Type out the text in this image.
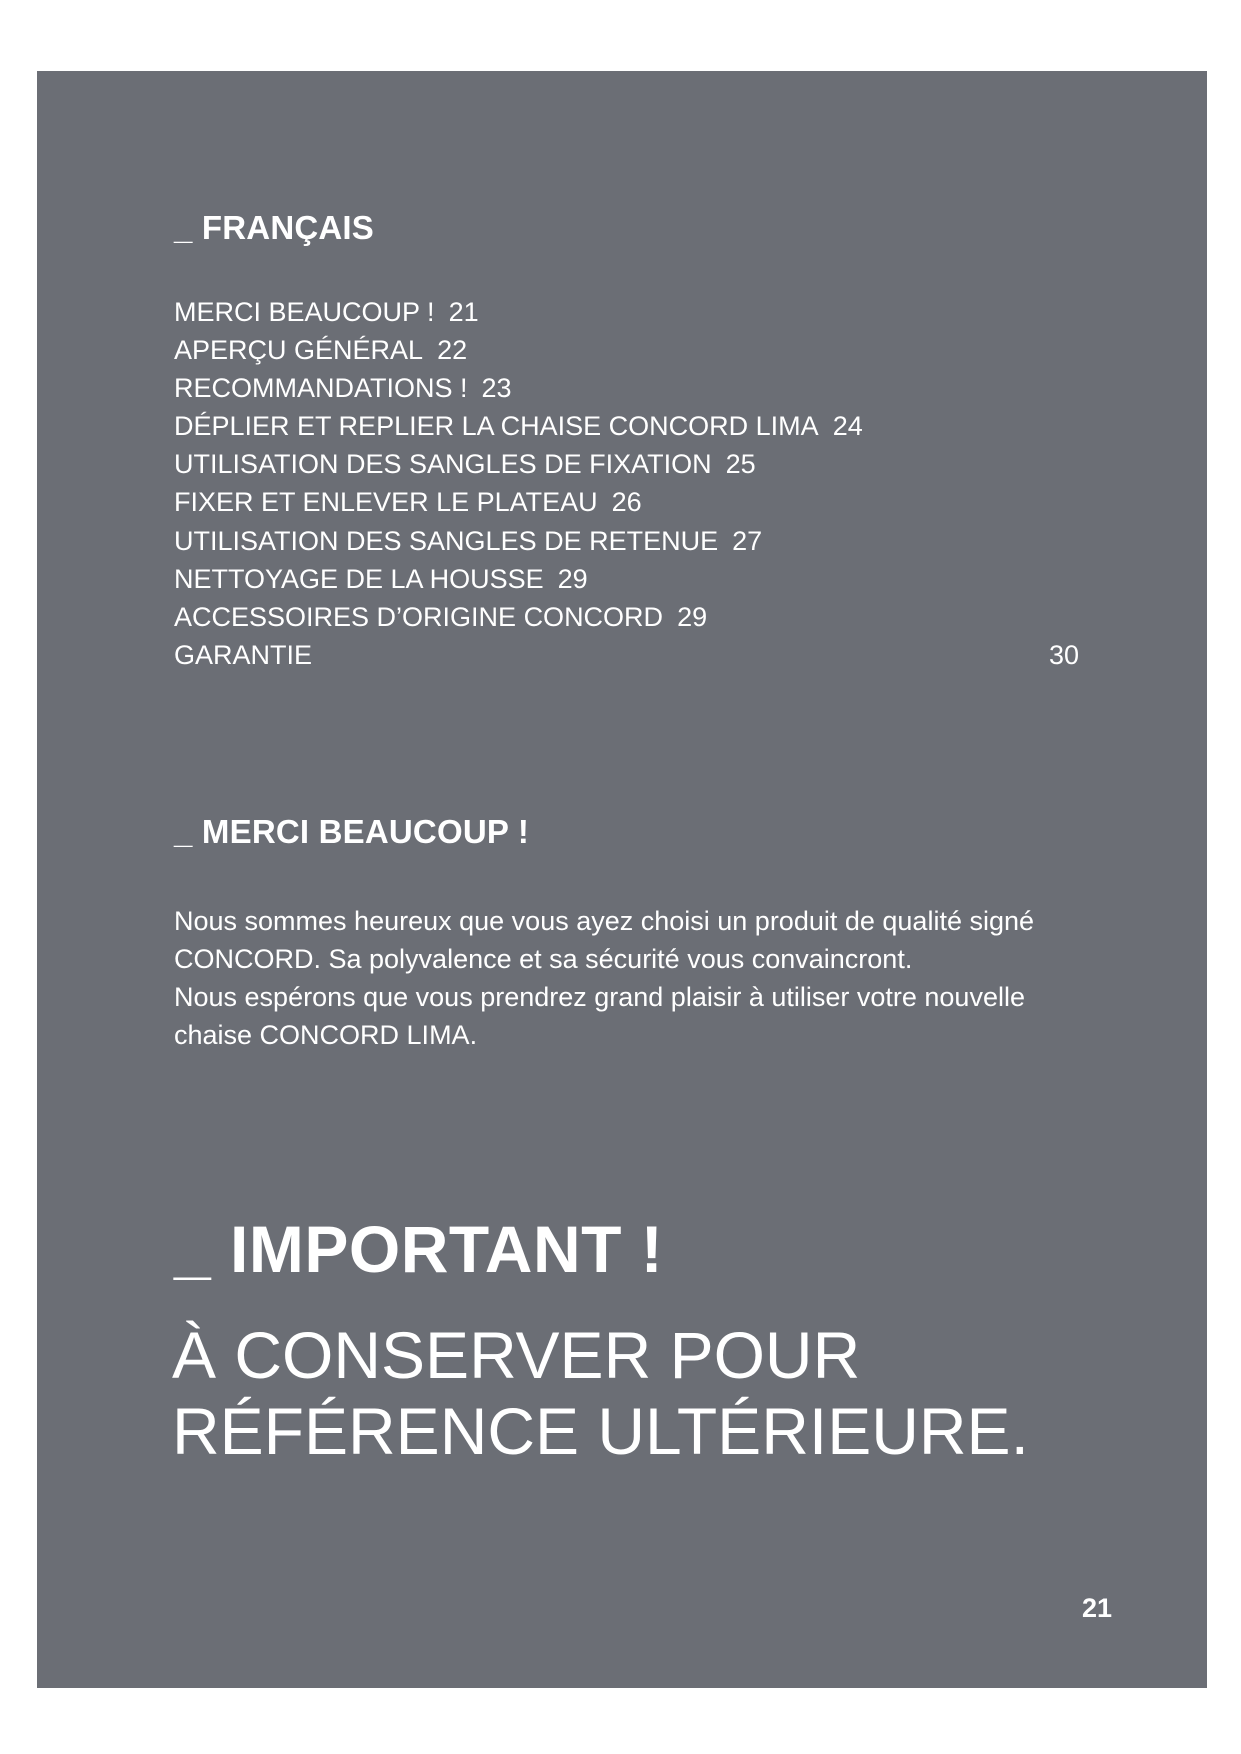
_ FRANÇAIS
MERCI BEAUCOUP ! 21
APERÇU GÉNÉRAL 22
RECOMMANDATIONS ! 23
DÉPLIER ET REPLIER LA CHAISE CONCORD LIMA 24
UTILISATION DES SANGLES DE FIXATION 25
FIXER ET ENLEVER LE PLATEAU 26
UTILISATION DES SANGLES DE RETENUE 27
NETTOYAGE DE LA HOUSSE 29
ACCESSOIRES D’ORIGINE CONCORD 29
GARANTIE	30
_ MERCI BEAUCOUP !

Nous sommes heureux que vous ayez choisi un produit de qualité signé CONCORD. Sa polyvalence et sa sécurité vous convaincront.

Nous espérons que vous prendrez grand plaisir à utiliser votre nouvelle chaise CONCORD LIMA.

_ IMPORTANT !
À CONSERVER POUR
RÉFÉRENCE ULTÉRIEURE.
21
